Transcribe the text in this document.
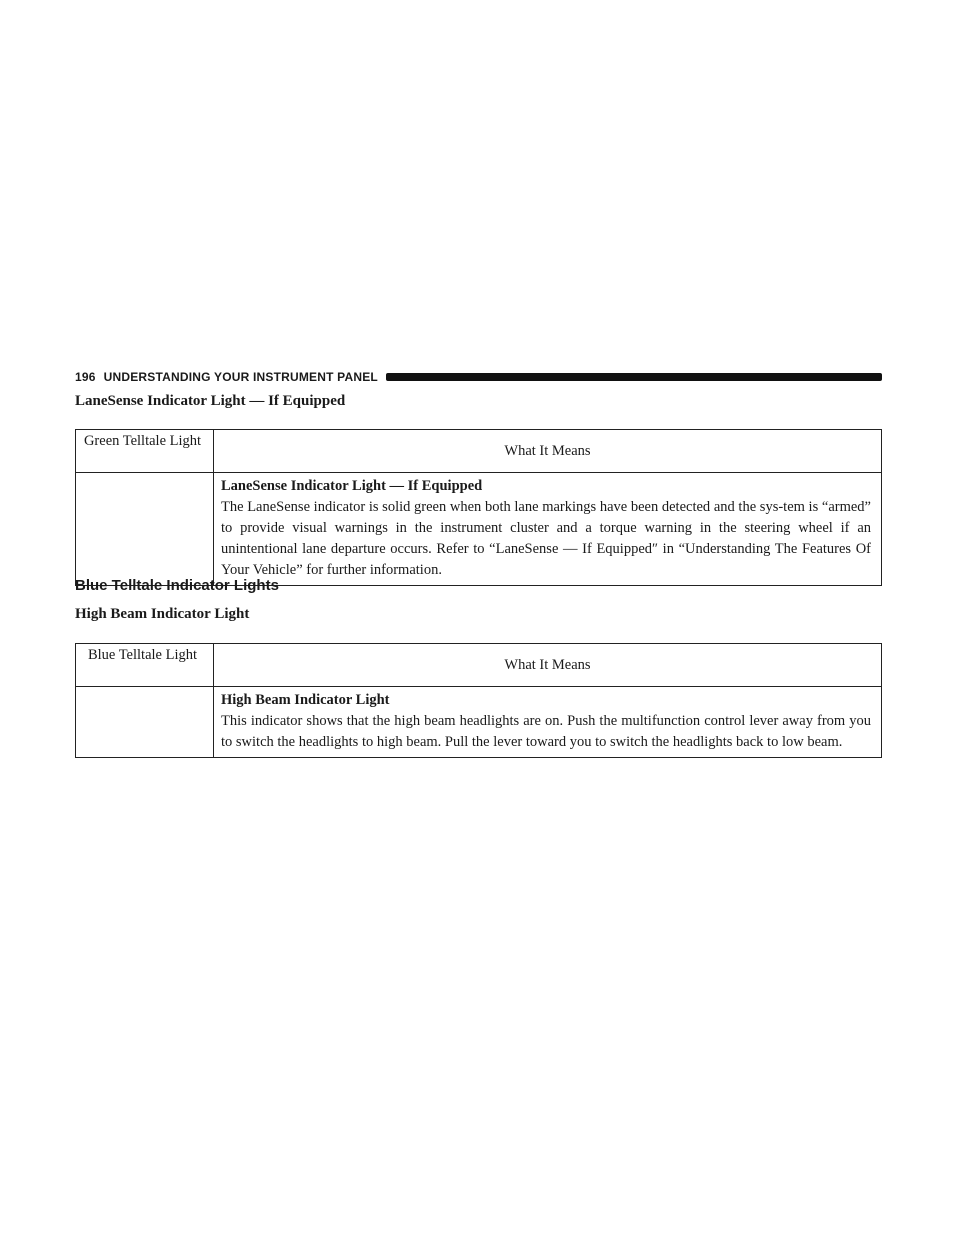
196 UNDERSTANDING YOUR INSTRUMENT PANEL
LaneSense Indicator Light — If Equipped
Green Telltale Light	What It Means

	LaneSense Indicator Light — If Equipped
The LaneSense indicator is solid green when both lane markings have been detected and the sys-tem is “armed” to provide visual warnings in the instrument cluster and a torque warning in the steering wheel if an unintentional lane departure occurs. Refer to “LaneSense — If Equipped″ in “Understanding The Features Of Your Vehicle” for further information.
Blue Telltale Indicator Lights
High Beam Indicator Light
Blue Telltale Light	What It Means

	High Beam Indicator Light
This indicator shows that the high beam headlights are on. Push the multifunction control lever away from you to switch the headlights to high beam. Pull the lever toward you to switch the headlights back to low beam.
